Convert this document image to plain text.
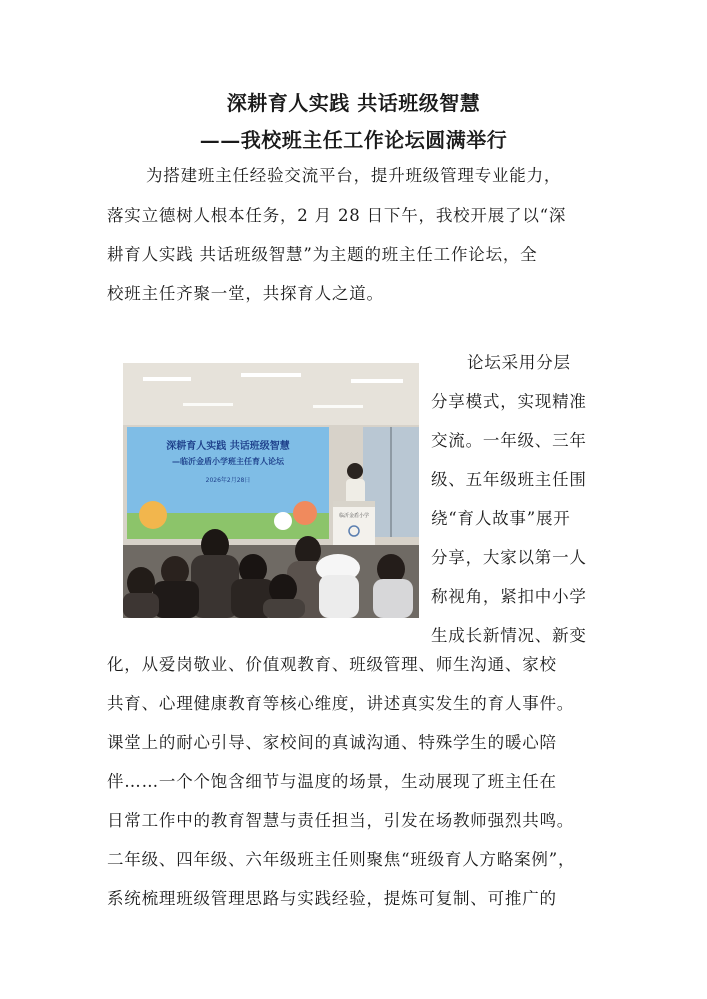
深耕育人实践 共话班级智慧
——我校班主任工作论坛圆满举行
为搭建班主任经验交流平台，提升班级管理专业能力，
落实立德树人根本任务，2 月 28 日下午，我校开展了以“深
耕育人实践 共话班级智慧”为主题的班主任工作论坛，全
校班主任齐聚一堂，共探育人之道。
论坛采用分层
分享模式，实现精准
交流。一年级、三年
级、五年级班主任围
绕“育人故事”展开
分享，大家以第一人
称视角，紧扣中小学
生成长新情况、新变
化，从爱岗敬业、价值观教育、班级管理、师生沟通、家校
共育、心理健康教育等核心维度，讲述真实发生的育人事件。
课堂上的耐心引导、家校间的真诚沟通、特殊学生的暖心陪
伴……一个个饱含细节与温度的场景，生动展现了班主任在
日常工作中的教育智慧与责任担当，引发在场教师强烈共鸣。
二年级、四年级、六年级班主任则聚焦“班级育人方略案例”，
系统梳理班级管理思路与实践经验，提炼可复制、可推广的
深耕育人实践 共话班级智慧
—临沂金盾小学班主任育人论坛
2026年2月28日
临沂金盾小学
